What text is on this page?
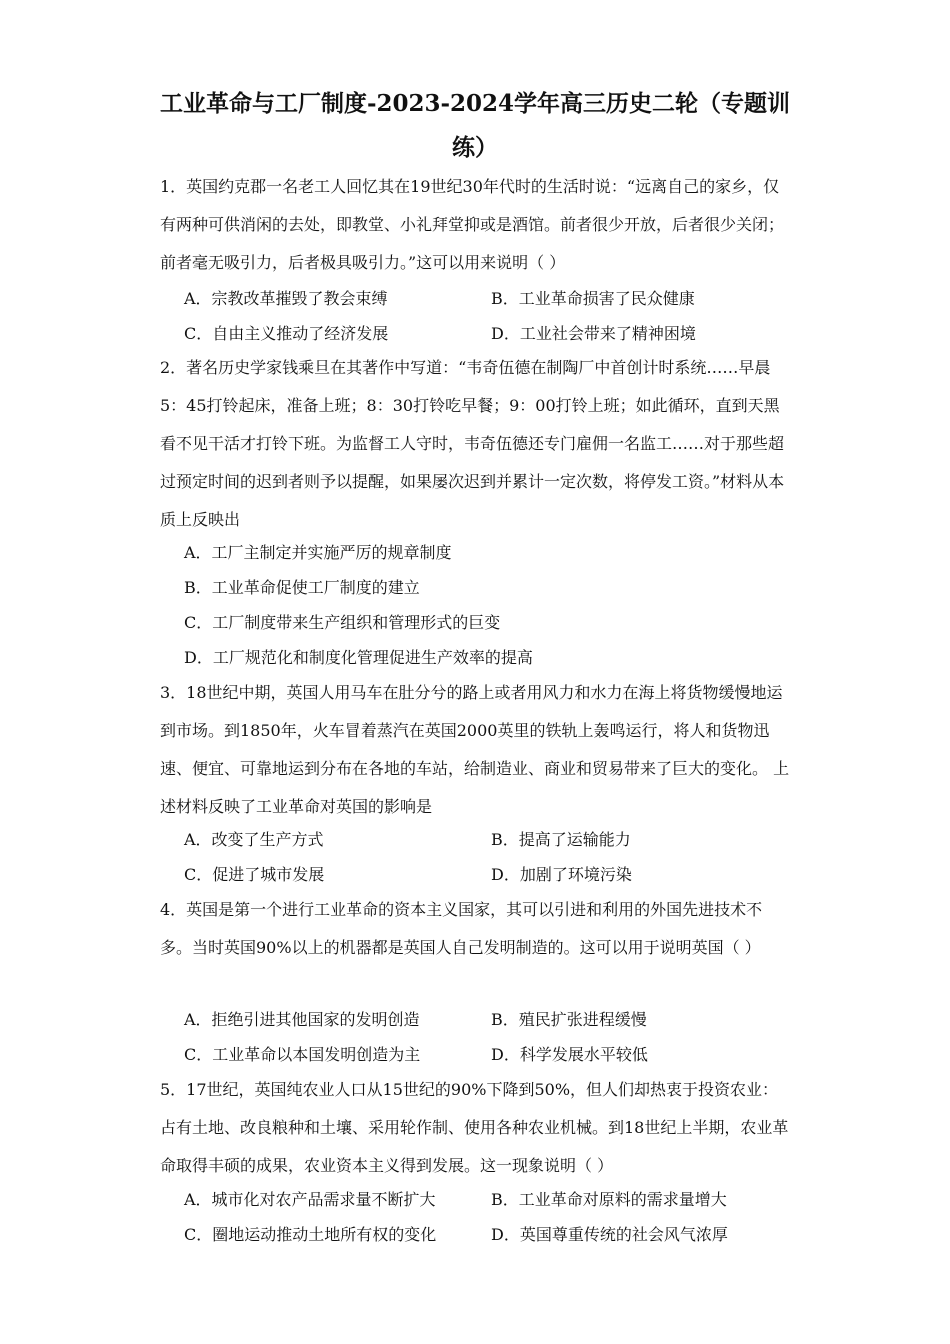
工业革命与工厂制度-2023-2024学年高三历史二轮（专题训练）
1．英国约克郡一名老工人回忆其在19世纪30年代时的生活时说：“远离自己的家乡，仅有两种可供消闲的去处，即教堂、小礼拜堂抑或是酒馆。前者很少开放，后者很少关闭；前者毫无吸引力，后者极具吸引力。”这可以用来说明（ ）
A．宗教改革摧毁了教会束缚	B．工业革命损害了民众健康
C．自由主义推动了经济发展	D．工业社会带来了精神困境
2．著名历史学家钱乘旦在其著作中写道：“韦奇伍德在制陶厂中首创计时系统……早晨5：45打铃起床，准备上班；8：30打铃吃早餐；9：00打铃上班；如此循环，直到天黑看不见干活才打铃下班。为监督工人守时，韦奇伍德还专门雇佣一名监工……对于那些超过预定时间的迟到者则予以提醒，如果屡次迟到并累计一定次数，将停发工资。”材料从本质上反映出
A．工厂主制定并实施严厉的规章制度
B．工业革命促使工厂制度的建立
C．工厂制度带来生产组织和管理形式的巨变
D．工厂规范化和制度化管理促进生产效率的提高
3．18世纪中期，英国人用马车在肚分兮的路上或者用风力和水力在海上将货物缓慢地运到市场。到1850年，火车冒着蒸汽在英国2000英里的铁轨上轰鸣运行，将人和货物迅速、便宜、可靠地运到分布在各地的车站，给制造业、商业和贸易带来了巨大的变化。 上述材料反映了工业革命对英国的影响是
A．改变了生产方式	B．提高了运输能力
C．促进了城市发展	D．加剧了环境污染
4．英国是第一个进行工业革命的资本主义国家，其可以引进和利用的外国先进技术不多。当时英国90%以上的机器都是英国人自己发明制造的。这可以用于说明英国（ ）
A．拒绝引进其他国家的发明创造	B．殖民扩张进程缓慢
C．工业革命以本国发明创造为主	D．科学发展水平较低
5．17世纪，英国纯农业人口从15世纪的90%下降到50%，但人们却热衷于投资农业：占有土地、改良粮种和土壤、采用轮作制、使用各种农业机械。到18世纪上半期，农业革命取得丰硕的成果，农业资本主义得到发展。这一现象说明（ ）
A．城市化对农产品需求量不断扩大	B．工业革命对原料的需求量增大
C．圈地运动推动土地所有权的变化	D．英国尊重传统的社会风气浓厚
